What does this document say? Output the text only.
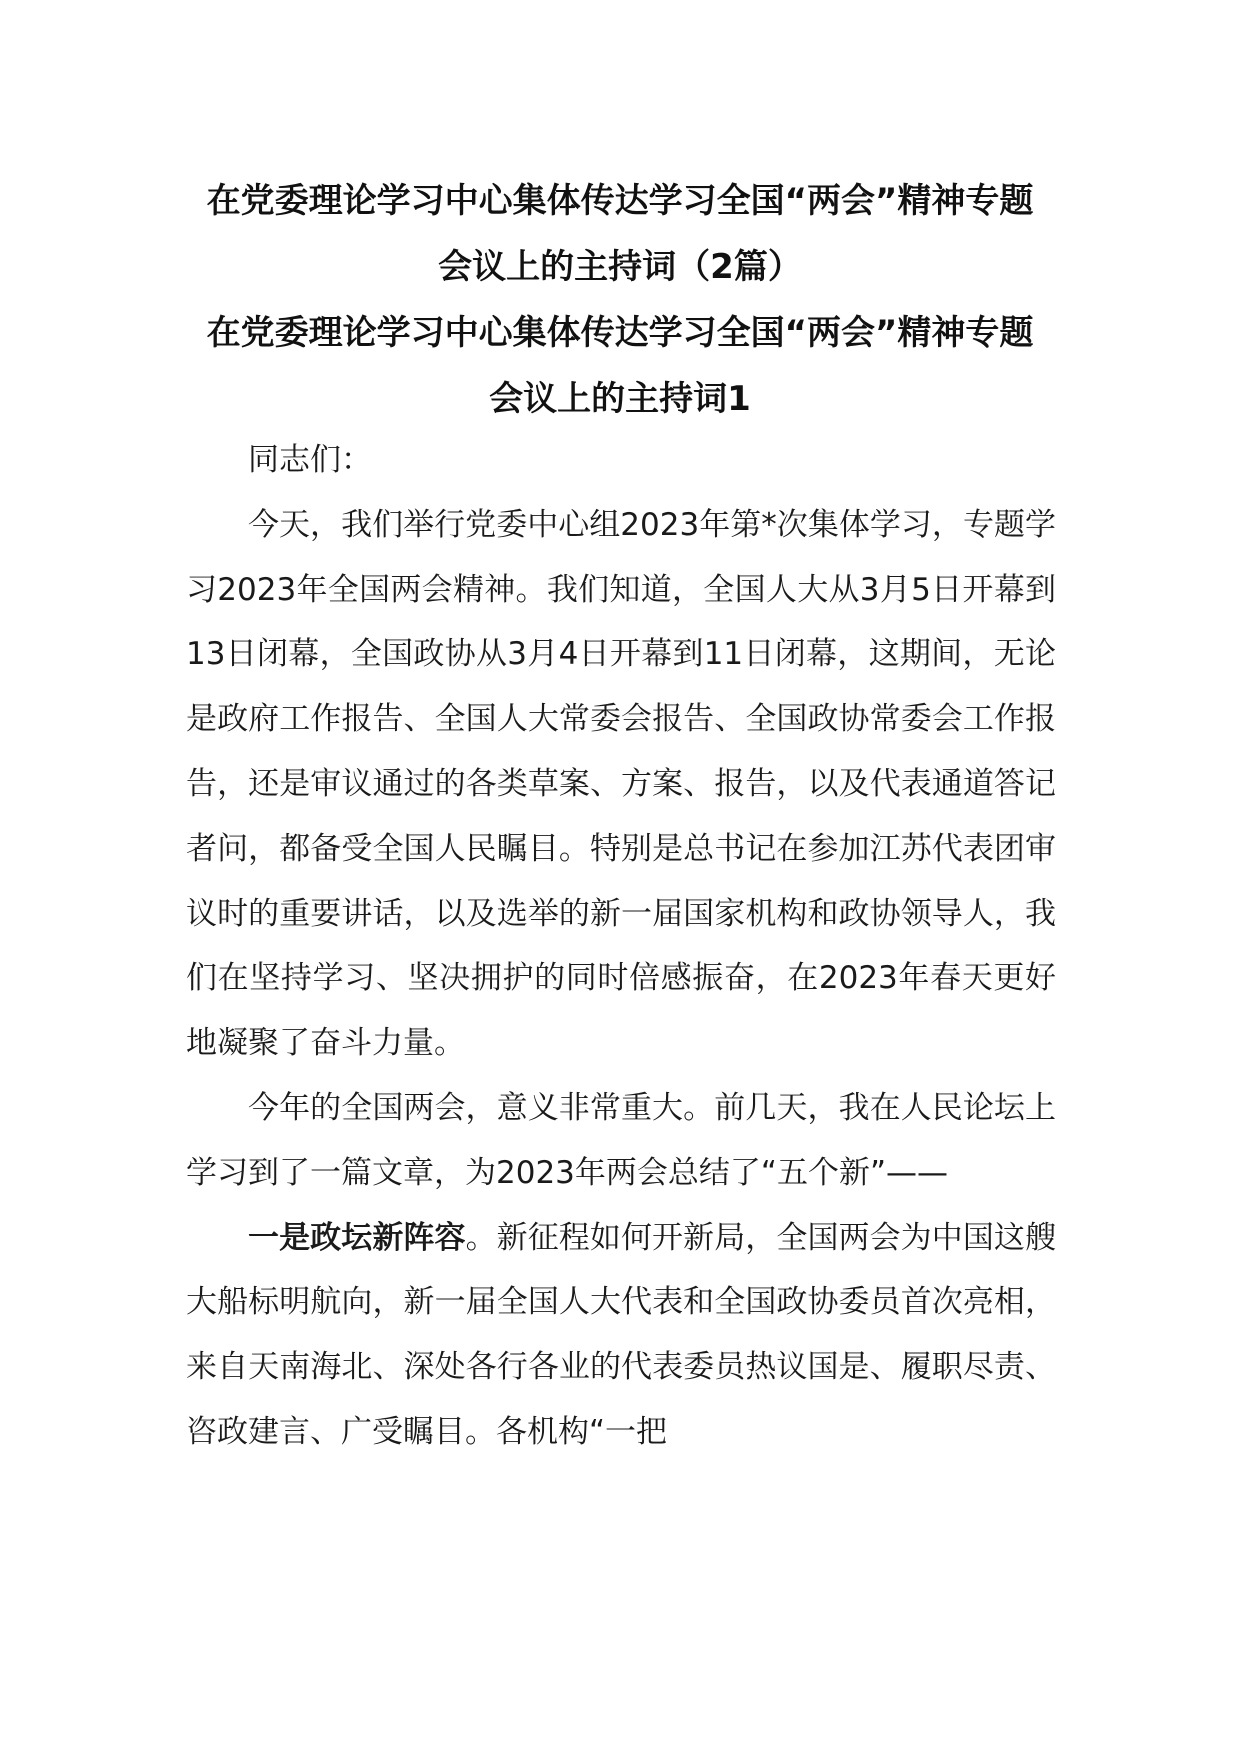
在党委理论学习中心集体传达学习全国“两会”精神专题
会议上的主持词（2篇）
在党委理论学习中心集体传达学习全国“两会”精神专题
会议上的主持词1

同志们：

今天，我们举行党委中心组2023年第*次集体学习，专题学习2023年全国两会精神。我们知道，全国人大从3月5日开幕到13日闭幕，全国政协从3月4日开幕到11日闭幕，这期间，无论是政府工作报告、全国人大常委会报告、全国政协常委会工作报告，还是审议通过的各类草案、方案、报告，以及代表通道答记者问，都备受全国人民瞩目。特别是总书记在参加江苏代表团审议时的重要讲话，以及选举的新一届国家机构和政协领导人，我们在坚持学习、坚决拥护的同时倍感振奋，在2023年春天更好地凝聚了奋斗力量。

今年的全国两会，意义非常重大。前几天，我在人民论坛上学习到了一篇文章，为2023年两会总结了“五个新”——

一是政坛新阵容。新征程如何开新局，全国两会为中国这艘大船标明航向，新一届全国人大代表和全国政协委员首次亮相，来自天南海北、深处各行各业的代表委员热议国是、履职尽责、咨政建言、广受瞩目。各机构“一把
